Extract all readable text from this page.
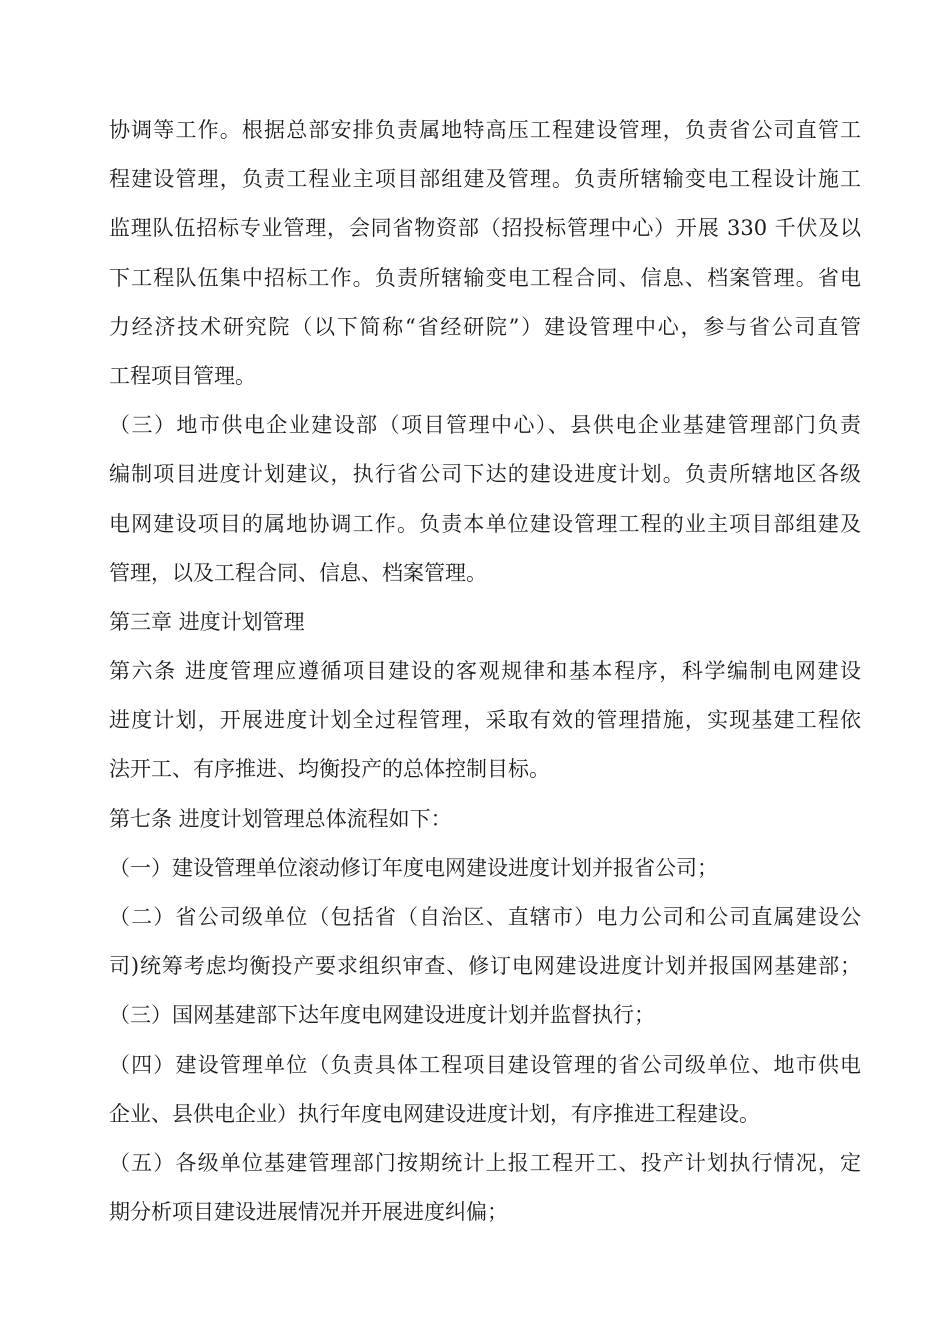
协调等工作。根据总部安排负责属地特高压工程建设管理，负责省公司直管工
程建设管理，负责工程业主项目部组建及管理。负责所辖输变电工程设计施工
监理队伍招标专业管理，会同省物资部（招投标管理中心）开展 330 千伏及以
下工程队伍集中招标工作。负责所辖输变电工程合同、信息、档案管理。省电
力经济技术研究院（以下简称“省经研院”）建设管理中心，参与省公司直管
工程项目管理。
（三）地市供电企业建设部（项目管理中心）、县供电企业基建管理部门负责
编制项目进度计划建议，执行省公司下达的建设进度计划。负责所辖地区各级
电网建设项目的属地协调工作。负责本单位建设管理工程的业主项目部组建及
管理，以及工程合同、信息、档案管理。
第三章 进度计划管理
第六条 进度管理应遵循项目建设的客观规律和基本程序，科学编制电网建设
进度计划，开展进度计划全过程管理，采取有效的管理措施，实现基建工程依
法开工、有序推进、均衡投产的总体控制目标。
第七条 进度计划管理总体流程如下：
（一）建设管理单位滚动修订年度电网建设进度计划并报省公司；
（二）省公司级单位（包括省（自治区、直辖市）电力公司和公司直属建设公
司)统筹考虑均衡投产要求组织审查、修订电网建设进度计划并报国网基建部；
（三）国网基建部下达年度电网建设进度计划并监督执行；
（四）建设管理单位（负责具体工程项目建设管理的省公司级单位、地市供电
企业、县供电企业）执行年度电网建设进度计划，有序推进工程建设。
（五）各级单位基建管理部门按期统计上报工程开工、投产计划执行情况，定
期分析项目建设进展情况并开展进度纠偏；
